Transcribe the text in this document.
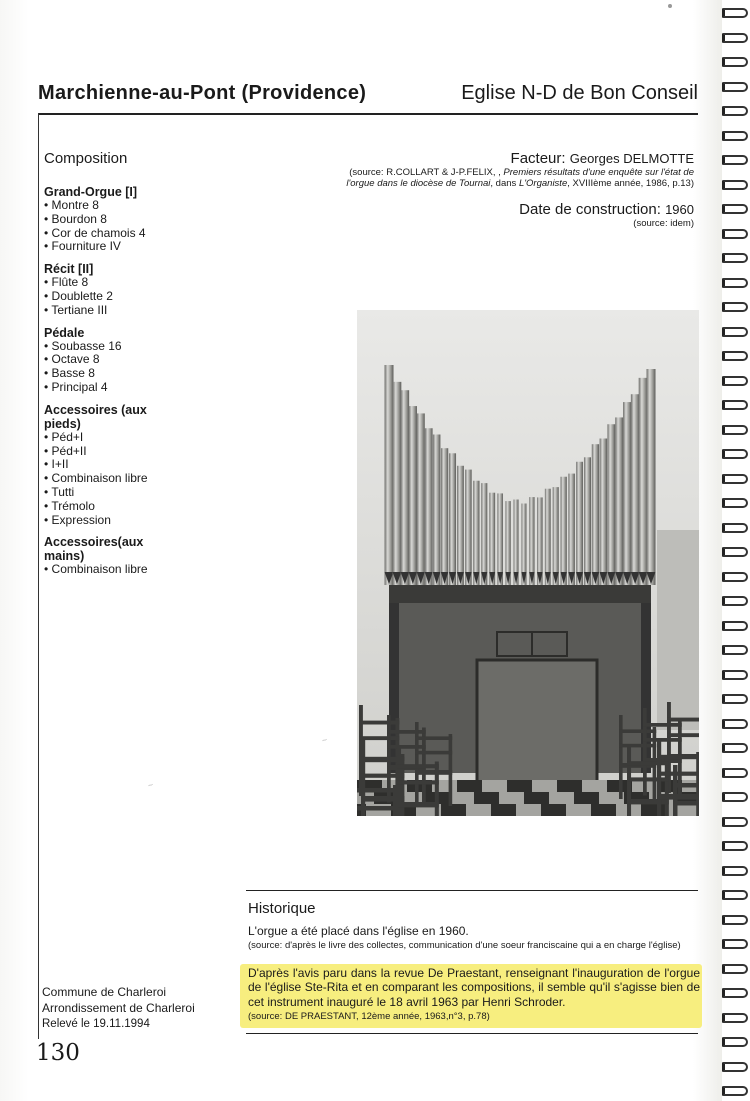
Marchienne-au-Pont (Providence)	Eglise N-D de Bon Conseil
Composition
Grand-Orgue [I]
• Montre 8
• Bourdon 8
• Cor de chamois 4
• Fourniture IV
Récit [II]
• Flûte 8
• Doublette 2
• Tertiane III
Pédale
• Soubasse 16
• Octave 8
• Basse 8
• Principal 4
Accessoires (aux pieds)
• Péd+I
• Péd+II
• I+II
• Combinaison libre
• Tutti
• Trémolo
• Expression
Accessoires(aux mains)
• Combinaison libre
Facteur: Georges DELMOTTE
(source: R.COLLART & J-P.FELIX, , Premiers résultats d'une enquête sur l'état de l'orgue dans le diocèse de Tournai, dans L'Organiste, XVIIIème année, 1986, p.13)
Date de construction: 1960
(source: idem)
~
~
Historique
L'orgue a été placé dans l'église en 1960.
(source: d'après le livre des collectes, communication d'une soeur franciscaine qui a en charge l'église)
D'après l'avis paru dans la revue De Praestant, renseignant l'inauguration de l'orgue de l'église Ste-Rita et en comparant les compositions, il semble qu'il s'agisse bien de cet instrument inauguré le 18 avril 1963 par Henri Schroder.
(source: DE PRAESTANT, 12ème année, 1963,n°3, p.78)
Commune de Charleroi
Arrondissement de Charleroi
Relevé le 19.11.1994
130
